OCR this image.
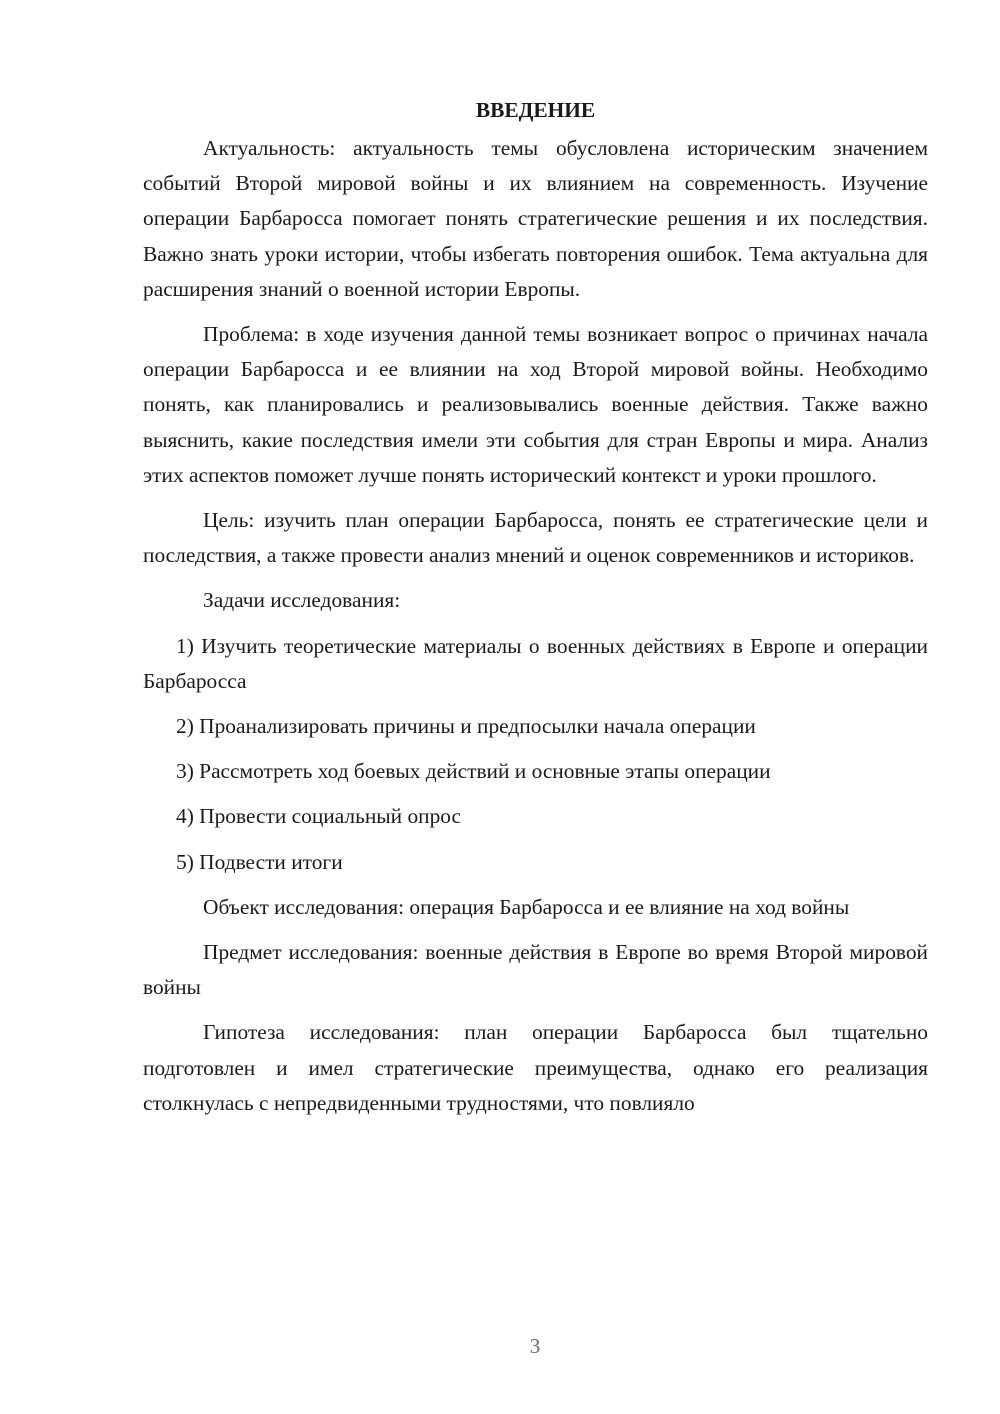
ВВЕДЕНИЕ

Актуальность: актуальность темы обусловлена историческим значением событий Второй мировой войны и их влиянием на современность. Изучение операции Барбаросса помогает понять стратегические решения и их последствия. Важно знать уроки истории, чтобы избегать повторения ошибок. Тема актуальна для расширения знаний о военной истории Европы.

Проблема: в ходе изучения данной темы возникает вопрос о причинах начала операции Барбаросса и ее влиянии на ход Второй мировой войны. Необходимо понять, как планировались и реализовывались военные действия. Также важно выяснить, какие последствия имели эти события для стран Европы и мира. Анализ этих аспектов поможет лучше понять исторический контекст и уроки прошлого.

Цель: изучить план операции Барбаросса, понять ее стратегические цели и последствия, а также провести анализ мнений и оценок современников и историков.

Задачи исследования:

1) Изучить теоретические материалы о военных действиях в Европе и операции Барбаросса

2) Проанализировать причины и предпосылки начала операции

3) Рассмотреть ход боевых действий и основные этапы операции

4) Провести социальный опрос

5) Подвести итоги

Объект исследования: операция Барбаросса и ее влияние на ход войны

Предмет исследования: военные действия в Европе во время Второй мировой войны

Гипотеза исследования: план операции Барбаросса был тщательно подготовлен и имел стратегические преимущества, однако его реализация столкнулась с непредвиденными трудностями, что повлияло

3
